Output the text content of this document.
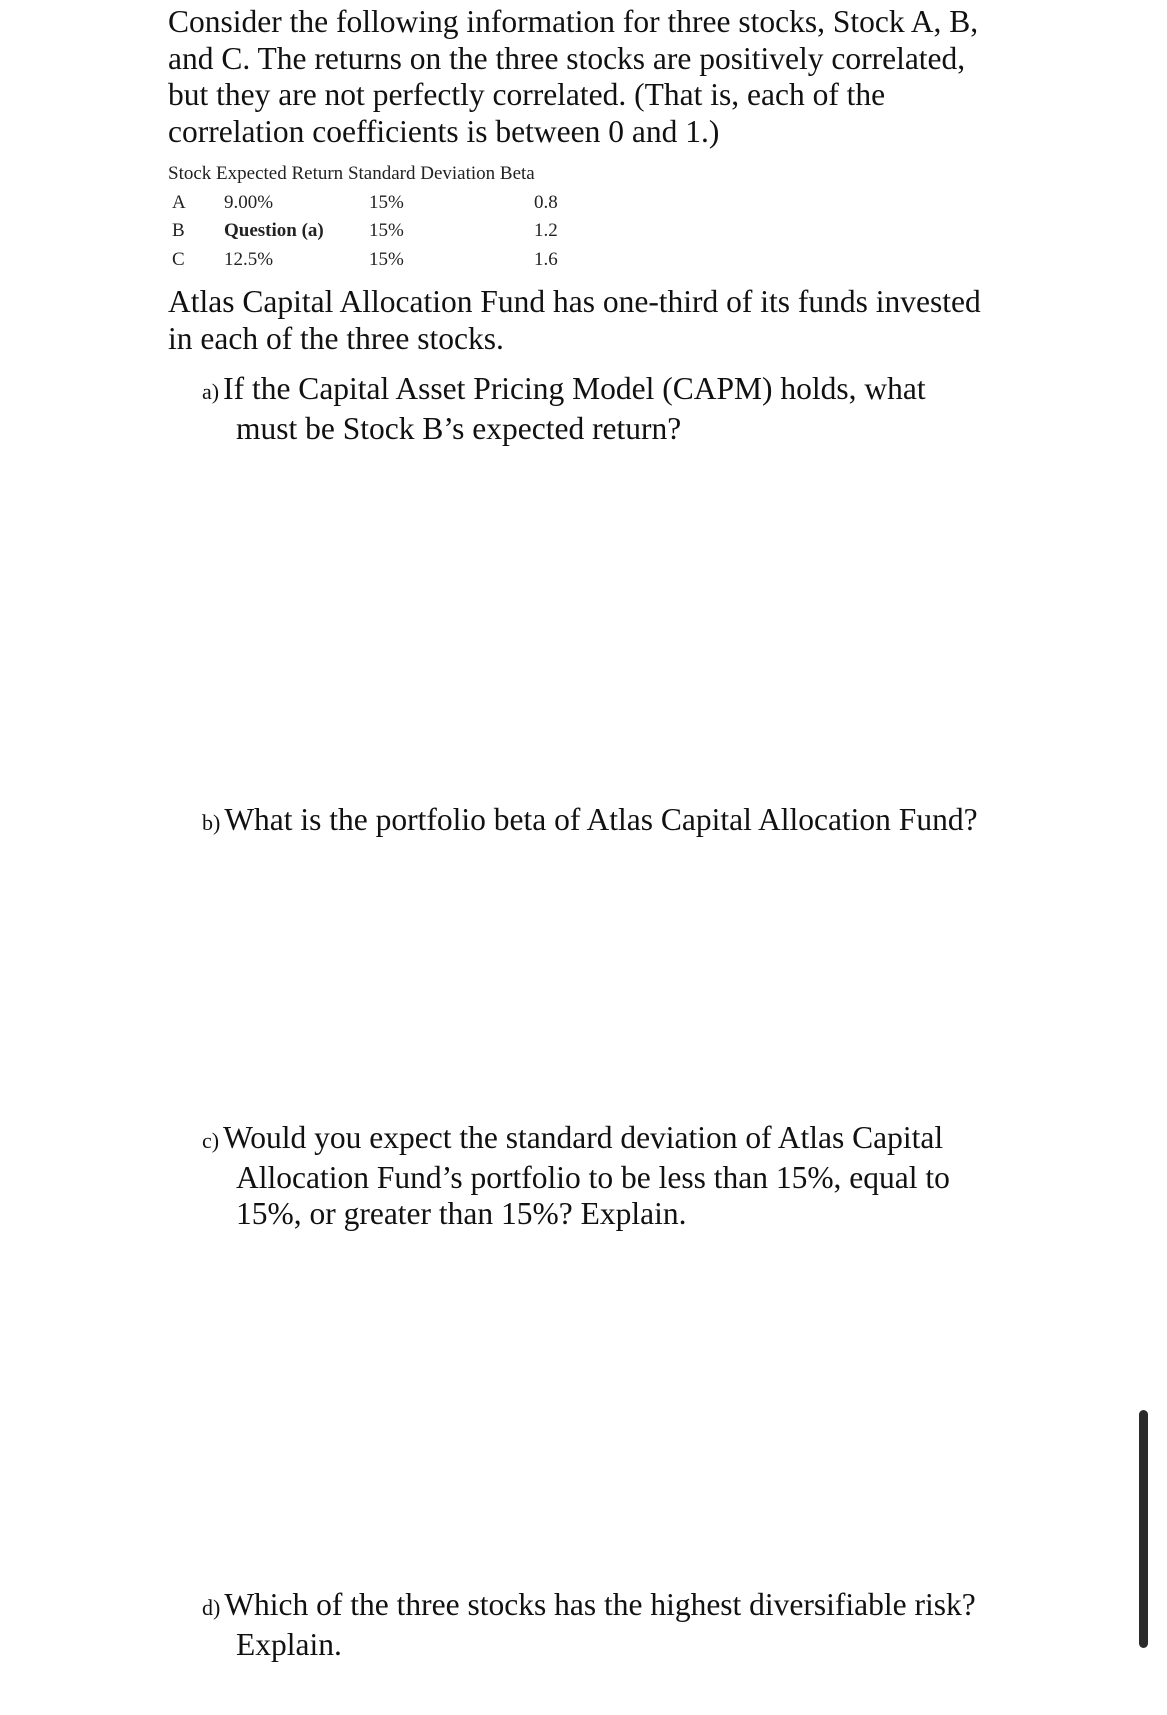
Consider the following information for three stocks, Stock A, B,
and C. The returns on the three stocks are positively correlated,
but they are not perfectly correlated. (That is, each of the
correlation coefficients is between 0 and 1.)
Stock Expected Return Standard Deviation Beta			
A	9.00%	15%	0.8
B	Question (a)	15%	1.2
C	12.5%	15%	1.6
Atlas Capital Allocation Fund has one-third of its funds invested
in each of the three stocks.
a) If the Capital Asset Pricing Model (CAPM) holds, what
must be Stock B’s expected return?
b) What is the portfolio beta of Atlas Capital Allocation Fund?
c) Would you expect the standard deviation of Atlas Capital
Allocation Fund’s portfolio to be less than 15%, equal to
15%, or greater than 15%? Explain.
d) Which of the three stocks has the highest diversifiable risk?
Explain.
